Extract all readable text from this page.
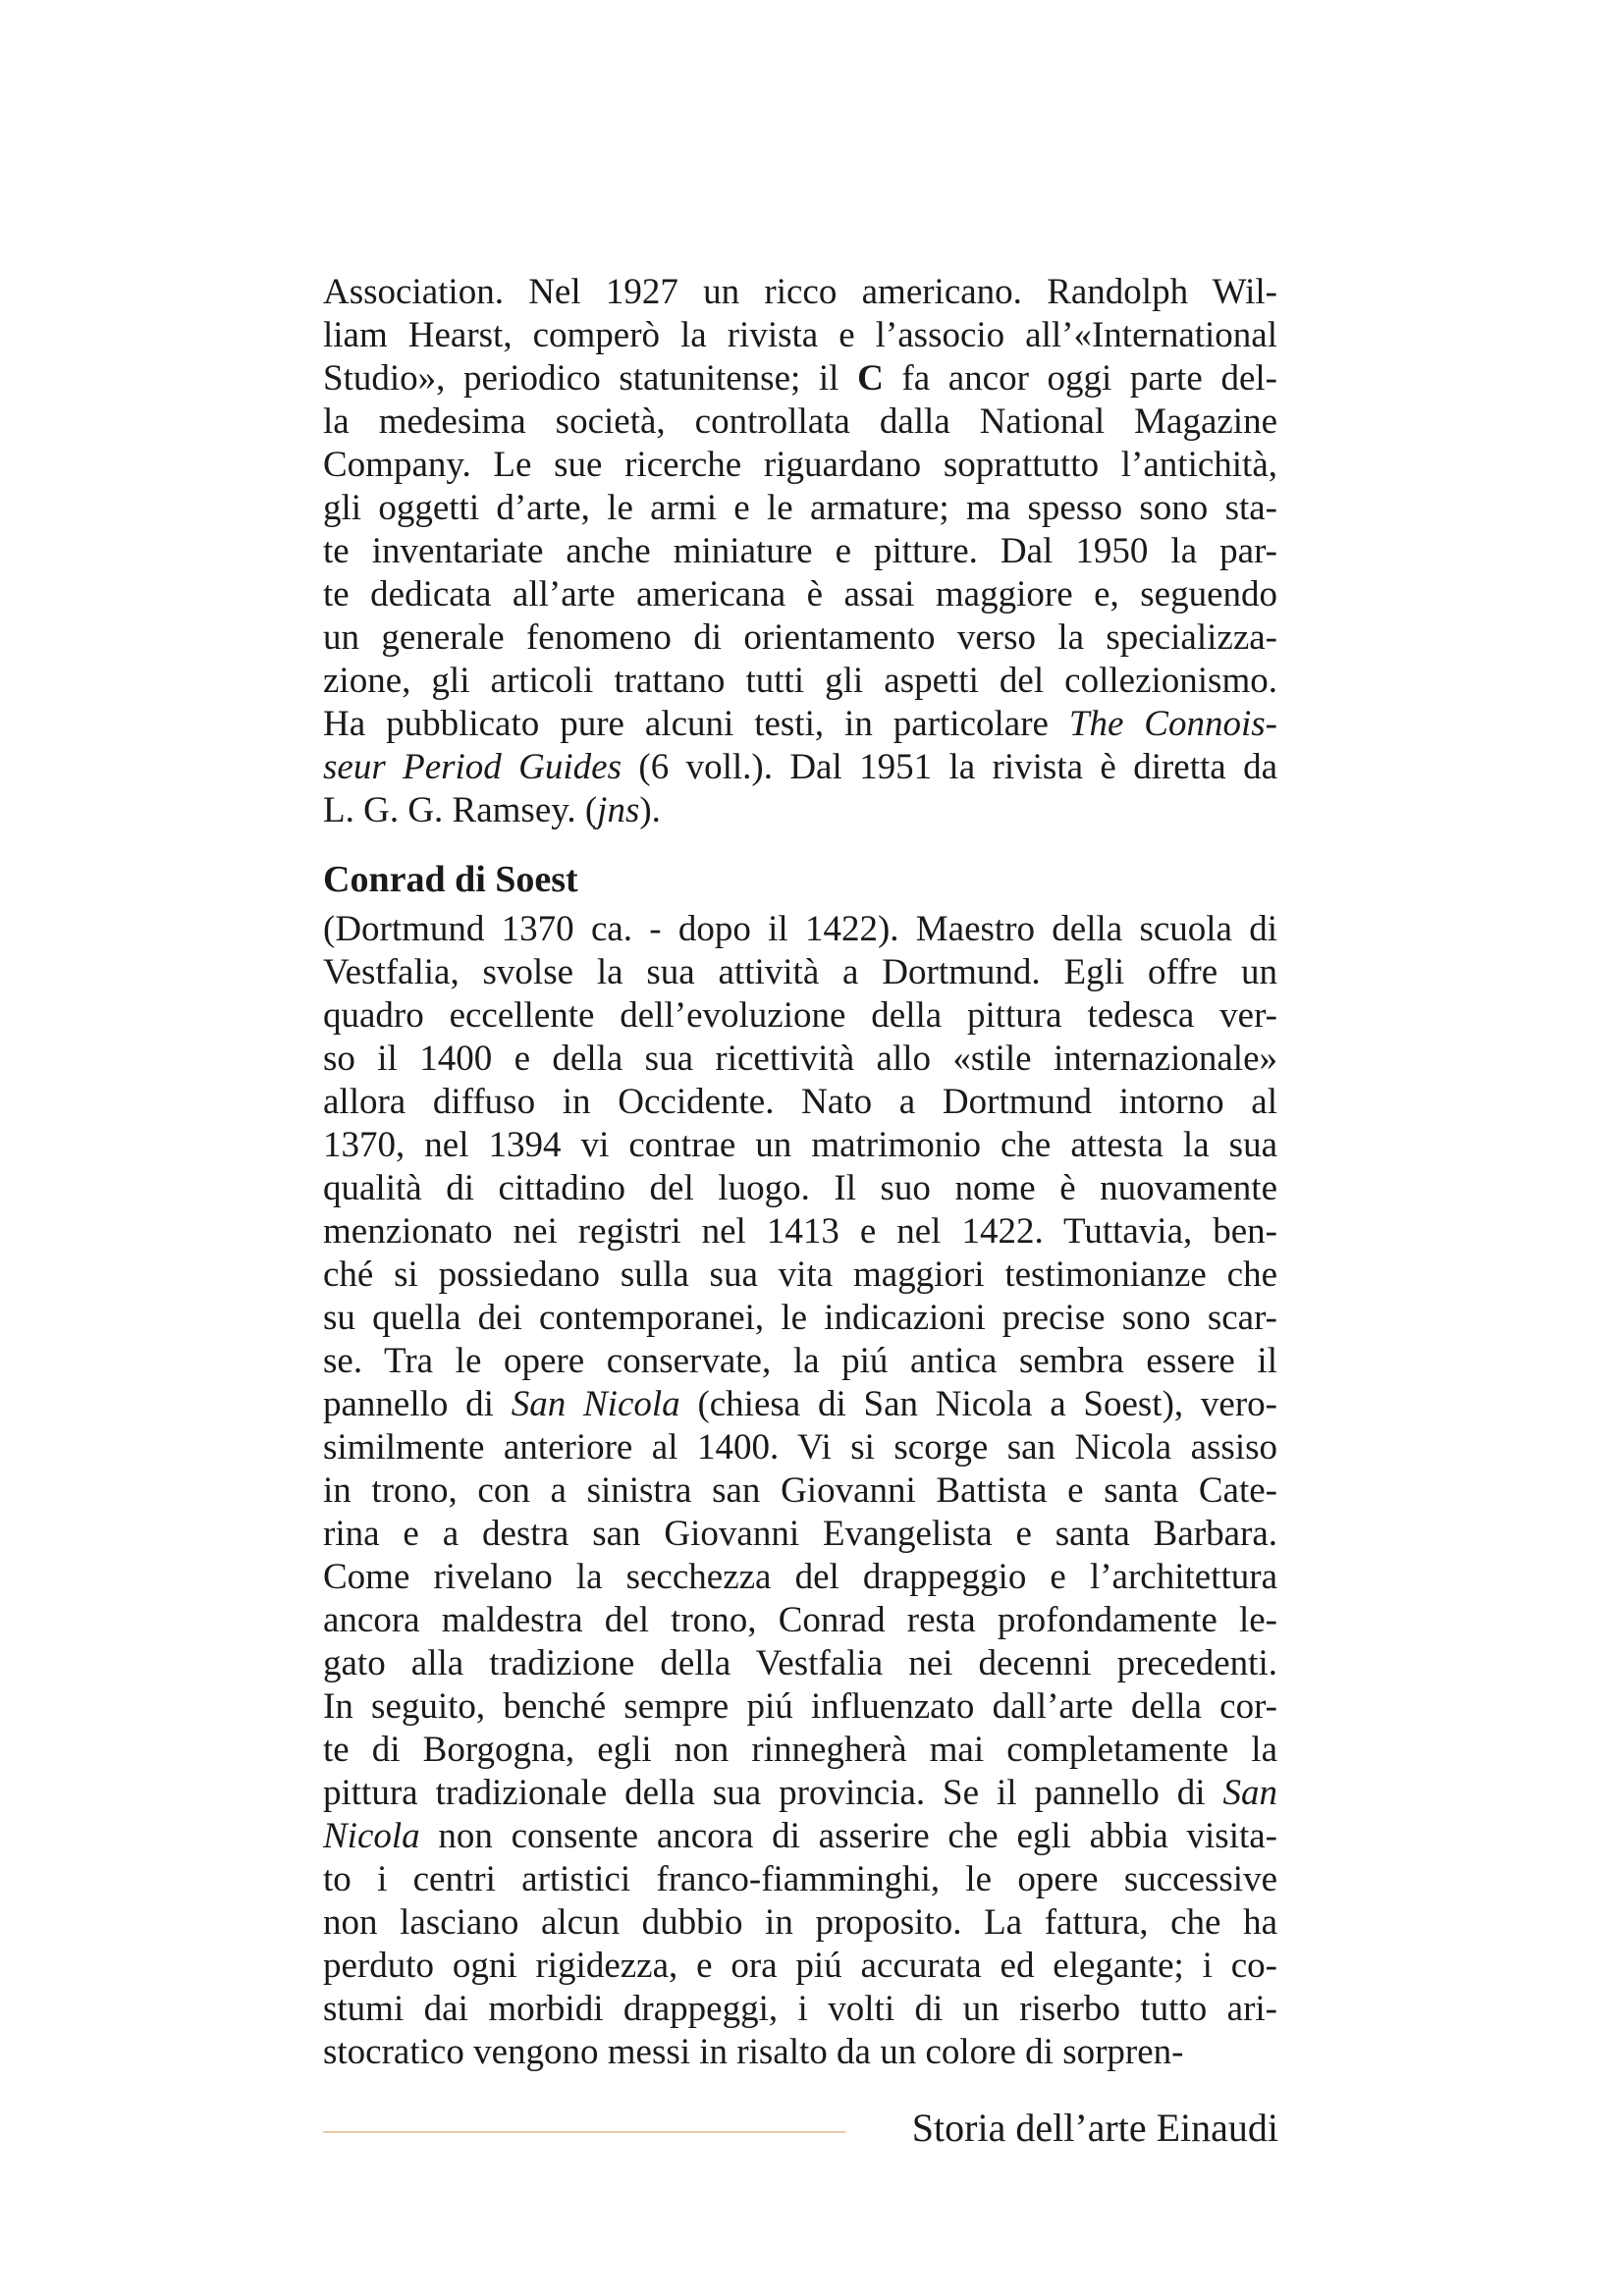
Association. Nel 1927 un ricco americano. Randolph Wil-
liam Hearst, comperò la rivista e l’associo all’«International
Studio», periodico statunitense; il C fa ancor oggi parte del-
la medesima società, controllata dalla National Magazine
Company. Le sue ricerche riguardano soprattutto l’antichità,
gli oggetti d’arte, le armi e le armature; ma spesso sono sta-
te inventariate anche miniature e pitture. Dal 1950 la par-
te dedicata all’arte americana è assai maggiore e, seguendo
un generale fenomeno di orientamento verso la specializza-
zione, gli articoli trattano tutti gli aspetti del collezionismo.
Ha pubblicato pure alcuni testi, in particolare The Connois-
seur Period Guides (6 voll.). Dal 1951 la rivista è diretta da
L. G. G. Ramsey. (jns).
Conrad di Soest
(Dortmund 1370 ca. - dopo il 1422). Maestro della scuola di
Vestfalia, svolse la sua attività a Dortmund. Egli offre un
quadro eccellente dell’evoluzione della pittura tedesca ver-
so il 1400 e della sua ricettività allo «stile internazionale»
allora diffuso in Occidente. Nato a Dortmund intorno al
1370, nel 1394 vi contrae un matrimonio che attesta la sua
qualità di cittadino del luogo. Il suo nome è nuovamente
menzionato nei registri nel 1413 e nel 1422. Tuttavia, ben-
ché si possiedano sulla sua vita maggiori testimonianze che
su quella dei contemporanei, le indicazioni precise sono scar-
se. Tra le opere conservate, la piú antica sembra essere il
pannello di San Nicola (chiesa di San Nicola a Soest), vero-
similmente anteriore al 1400. Vi si scorge san Nicola assiso
in trono, con a sinistra san Giovanni Battista e santa Cate-
rina e a destra san Giovanni Evangelista e santa Barbara.
Come rivelano la secchezza del drappeggio e l’architettura
ancora maldestra del trono, Conrad resta profondamente le-
gato alla tradizione della Vestfalia nei decenni precedenti.
In seguito, benché sempre piú influenzato dall’arte della cor-
te di Borgogna, egli non rinnegherà mai completamente la
pittura tradizionale della sua provincia. Se il pannello di San
Nicola non consente ancora di asserire che egli abbia visita-
to i centri artistici franco-fiamminghi, le opere successive
non lasciano alcun dubbio in proposito. La fattura, che ha
perduto ogni rigidezza, e ora piú accurata ed elegante; i co-
stumi dai morbidi drappeggi, i volti di un riserbo tutto ari-
stocratico vengono messi in risalto da un colore di sorpren-
Storia dell’arte Einaudi
